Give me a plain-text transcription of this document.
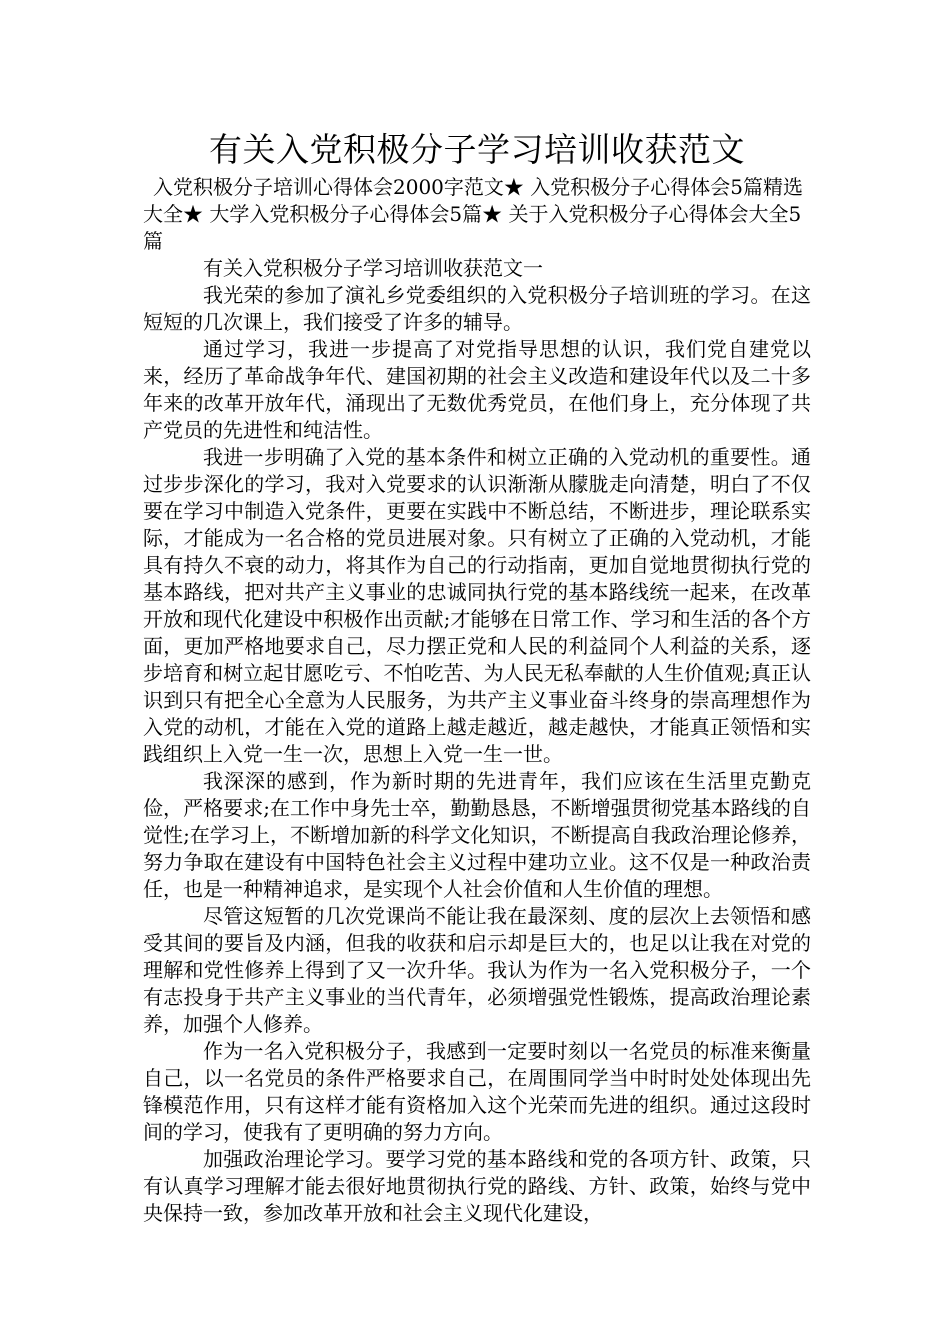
有关入党积极分子学习培训收获范文

入党积极分子培训心得体会2000字范文★ 入党积极分子心得体会5篇精选大全★ 大学入党积极分子心得体会5篇★ 关于入党积极分子心得体会大全5篇

有关入党积极分子学习培训收获范文一

我光荣的参加了演礼乡党委组织的入党积极分子培训班的学习。在这短短的几次课上，我们接受了许多的辅导。

通过学习，我进一步提高了对党指导思想的认识，我们党自建党以来，经历了革命战争年代、建国初期的社会主义改造和建设年代以及二十多年来的改革开放年代，涌现出了无数优秀党员，在他们身上，充分体现了共产党员的先进性和纯洁性。

我进一步明确了入党的基本条件和树立正确的入党动机的重要性。通过步步深化的学习，我对入党要求的认识渐渐从朦胧走向清楚，明白了不仅要在学习中制造入党条件，更要在实践中不断总结，不断进步，理论联系实际，才能成为一名合格的党员进展对象。只有树立了正确的入党动机，才能具有持久不衰的动力，将其作为自己的行动指南，更加自觉地贯彻执行党的基本路线，把对共产主义事业的忠诚同执行党的基本路线统一起来，在改革开放和现代化建设中积极作出贡献;才能够在日常工作、学习和生活的各个方面，更加严格地要求自己，尽力摆正党和人民的利益同个人利益的关系，逐步培育和树立起甘愿吃亏、不怕吃苦、为人民无私奉献的人生价值观;真正认识到只有把全心全意为人民服务，为共产主义事业奋斗终身的崇高理想作为入党的动机，才能在入党的道路上越走越近，越走越快，才能真正领悟和实践组织上入党一生一次，思想上入党一生一世。

我深深的感到，作为新时期的先进青年，我们应该在生活里克勤克俭，严格要求;在工作中身先士卒，勤勤恳恳，不断增强贯彻党基本路线的自觉性;在学习上，不断增加新的科学文化知识，不断提高自我政治理论修养，努力争取在建设有中国特色社会主义过程中建功立业。这不仅是一种政治责任，也是一种精神追求，是实现个人社会价值和人生价值的理想。

尽管这短暂的几次党课尚不能让我在最深刻、度的层次上去领悟和感受其间的要旨及内涵，但我的收获和启示却是巨大的，也足以让我在对党的理解和党性修养上得到了又一次升华。我认为作为一名入党积极分子，一个有志投身于共产主义事业的当代青年，必须增强党性锻炼，提高政治理论素养，加强个人修养。

作为一名入党积极分子，我感到一定要时刻以一名党员的标准来衡量自己，以一名党员的条件严格要求自己，在周围同学当中时时处处体现出先锋模范作用，只有这样才能有资格加入这个光荣而先进的组织。通过这段时间的学习，使我有了更明确的努力方向。

加强政治理论学习。要学习党的基本路线和党的各项方针、政策，只有认真学习理解才能去很好地贯彻执行党的路线、方针、政策，始终与党中央保持一致，参加改革开放和社会主义现代化建设，
